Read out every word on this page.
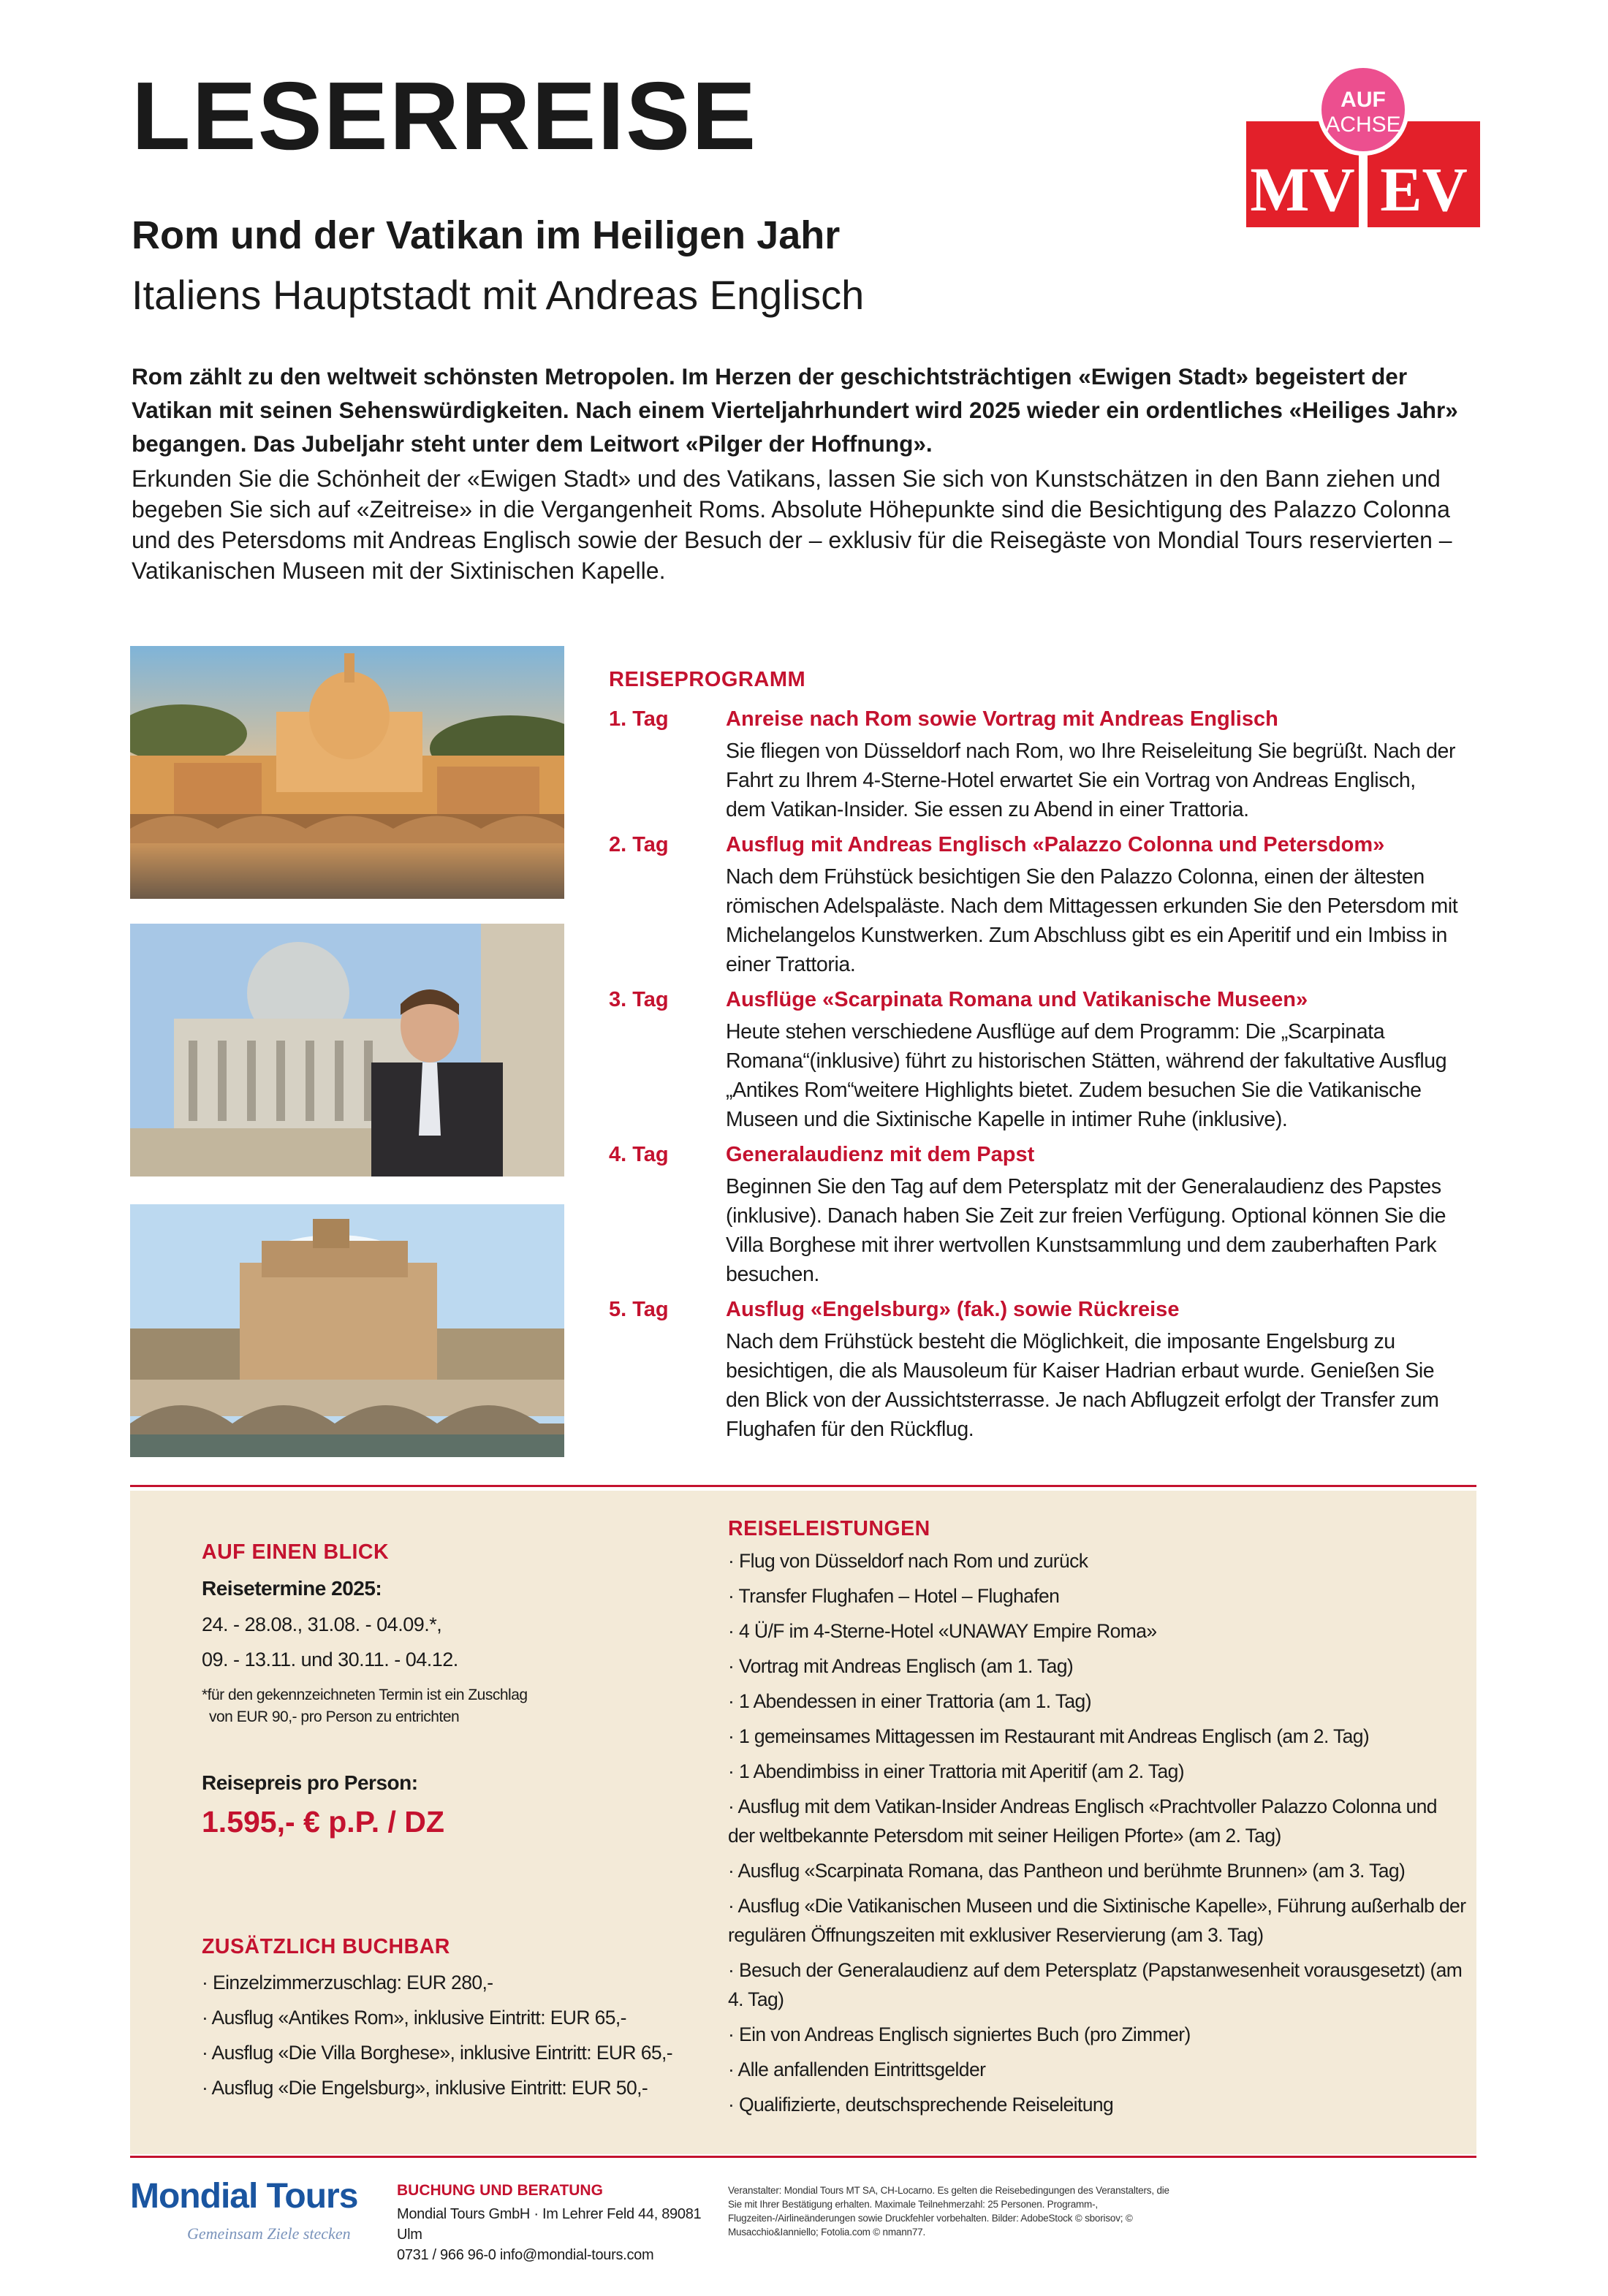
LESERREISE
Rom und der Vatikan im Heiligen Jahr
Italiens Hauptstadt mit Andreas Englisch
AUF
ACHSE
MV EV

Rom zählt zu den weltweit schönsten Metropolen. Im Herzen der geschichtsträchtigen «Ewigen Stadt» begeistert der Vatikan mit seinen Sehenswürdigkeiten. Nach einem Vierteljahrhundert wird 2025 wieder ein ordentliches «Heiliges Jahr» begangen. Das Jubeljahr steht unter dem Leitwort «Pilger der Hoffnung».

Erkunden Sie die Schönheit der «Ewigen Stadt» und des Vatikans, lassen Sie sich von Kunstschätzen in den Bann ziehen und begeben Sie sich auf «Zeitreise» in die Vergangenheit Roms. Absolute Höhepunkte sind die Besichtigung des Palazzo Colonna und des Petersdoms mit Andreas Englisch sowie der Besuch der – exklusiv für die Reisegäste von Mondial Tours reservierten – Vatikanischen Museen mit der Sixtinischen Kapelle.

REISEPROGRAMM
1. Tag	Anreise nach Rom sowie Vortrag mit Andreas Englisch
Sie fliegen von Düsseldorf nach Rom, wo Ihre Reiseleitung Sie begrüßt. Nach der Fahrt zu Ihrem 4-Sterne-Hotel erwartet Sie ein Vortrag von Andreas Englisch, dem Vatikan-Insider. Sie essen zu Abend in einer Trattoria.
2. Tag	Ausflug mit Andreas Englisch «Palazzo Colonna und Petersdom»
Nach dem Frühstück besichtigen Sie den Palazzo Colonna, einen der ältesten römischen Adelspaläste. Nach dem Mittagessen erkunden Sie den Petersdom mit Michelangelos Kunstwerken. Zum Abschluss gibt es ein Aperitif und ein Imbiss in einer Trattoria.
3. Tag	Ausflüge «Scarpinata Romana und Vatikanische Museen»
Heute stehen verschiedene Ausflüge auf dem Programm: Die „Scarpinata Romana“(inklusive) führt zu historischen Stätten, während der fakultative Ausflug „Antikes Rom“weitere Highlights bietet. Zudem besuchen Sie die Vatikanische Museen und die Sixtinische Kapelle in intimer Ruhe (inklusive).
4. Tag	Generalaudienz mit dem Papst
Beginnen Sie den Tag auf dem Petersplatz mit der Generalaudienz des Papstes (inklusive). Danach haben Sie Zeit zur freien Verfügung. Optional können Sie die Villa Borghese mit ihrer wertvollen Kunstsammlung und dem zauberhaften Park besuchen.
5. Tag	Ausflug «Engelsburg» (fak.) sowie Rückreise
Nach dem Frühstück besteht die Möglichkeit, die imposante Engelsburg zu besichtigen, die als Mausoleum für Kaiser Hadrian erbaut wurde. Genießen Sie den Blick von der Aussichtsterrasse. Je nach Abflugzeit erfolgt der Transfer zum Flughafen für den Rückflug.
AUF EINEN BLICK
Reisetermine 2025:
24. - 28.08., 31.08. - 04.09.*,
09. - 13.11. und 30.11. - 04.12.
*für den gekennzeichneten Termin ist ein Zuschlag
von EUR 90,- pro Person zu entrichten
Reisepreis pro Person:
1.595,- € p.P. / DZ
ZUSÄTZLICH BUCHBAR
· Einzelzimmerzuschlag: EUR 280,-
· Ausflug «Antikes Rom», inklusive Eintritt: EUR 65,-
· Ausflug «Die Villa Borghese», inklusive Eintritt: EUR 65,-
· Ausflug «Die Engelsburg», inklusive Eintritt: EUR 50,-
REISELEISTUNGEN
· Flug von Düsseldorf nach Rom und zurück
· Transfer Flughafen – Hotel – Flughafen
· 4 Ü/F im 4-Sterne-Hotel «UNAWAY Empire Roma»
· Vortrag mit Andreas Englisch (am 1. Tag)
· 1 Abendessen in einer Trattoria (am 1. Tag)
· 1 gemeinsames Mittagessen im Restaurant mit Andreas Englisch (am 2. Tag)
· 1 Abendimbiss in einer Trattoria mit Aperitif (am 2. Tag)
· Ausflug mit dem Vatikan-Insider Andreas Englisch «Prachtvoller Palazzo Colonna und der weltbekannte Petersdom mit seiner Heiligen Pforte» (am 2. Tag)
· Ausflug «Scarpinata Romana, das Pantheon und berühmte Brunnen» (am 3. Tag)
· Ausflug «Die Vatikanischen Museen und die Sixtinische Kapelle», Führung außerhalb der regulären Öffnungszeiten mit exklusiver Reservierung (am 3. Tag)
· Besuch der Generalaudienz auf dem Petersplatz (Papstanwesenheit vorausgesetzt) (am 4. Tag)
· Ein von Andreas Englisch signiertes Buch (pro Zimmer)
· Alle anfallenden Eintrittsgelder
· Qualifizierte, deutschsprechende Reiseleitung
Mondial Tours
Gemeinsam Ziele stecken
BUCHUNG UND BERATUNG
Mondial Tours GmbH · Im Lehrer Feld 44, 89081 Ulm
0731 / 966 96-0 info@mondial-tours.com
Veranstalter: Mondial Tours MT SA, CH-Locarno. Es gelten die Reisebedingungen des Veranstalters, die Sie mit Ihrer Bestätigung erhalten. Maximale Teilnehmerzahl: 25 Personen. Programm-, Flugzeiten-/Airlineänderungen sowie Druckfehler vorbehalten. Bilder: AdobeStock © sborisov; © Musacchio&Ianniello; Fotolia.com © nmann77.
